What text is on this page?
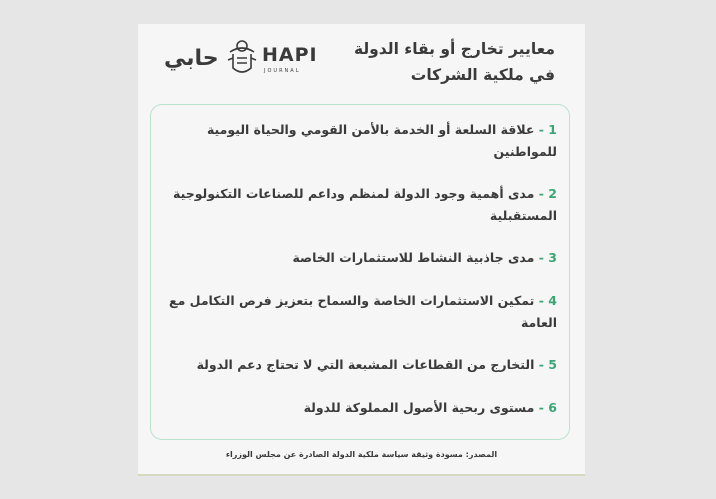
معايير تخارج أو بقاء الدولة
في ملكية الشركات
حابي HAPI
JOURNAL
1 - علاقة السلعة أو الخدمة بالأمن القومي والحياة اليومية للمواطنين
2 - مدى أهمية وجود الدولة لمنظم وداعم للصناعات التكنولوجية المستقبلية
3 - مدى جاذبية النشاط للاستثمارات الخاصة
4 - تمكين الاستثمارات الخاصة والسماح بتعزيز فرص التكامل مع العامة
5 - التخارج من القطاعات المشبعة التي لا تحتاج دعم الدولة
6 - مستوى ربحية الأصول المملوكة للدولة
المصدر: مسودة وثيقة سياسة ملكية الدولة الصادرة عن مجلس الوزراء
